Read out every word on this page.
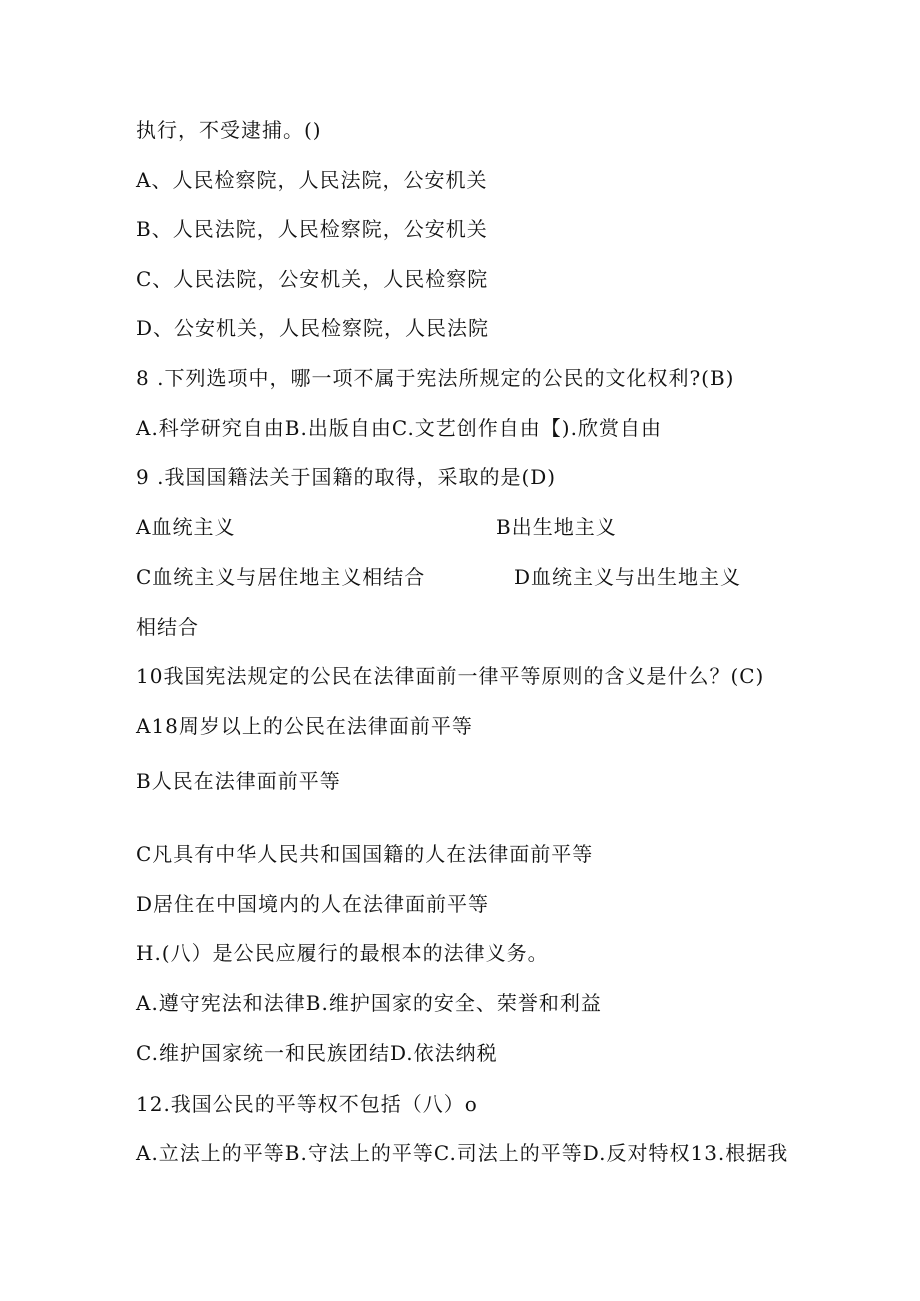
执行，不受逮捕。()
A、人民检察院，人民法院，公安机关
B、人民法院，人民检察院，公安机关
C、人民法院，公安机关，人民检察院
D、公安机关，人民检察院，人民法院
8 .下列选项中，哪一项不属于宪法所规定的公民的文化权利?(B)
A.科学研究自由B.出版自由C.文艺创作自由【).欣赏自由
9 .我国国籍法关于国籍的取得，采取的是(D)
A血统主义	B出生地主义
C血统主义与居住地主义相结合	D血统主义与出生地主义
相结合
10我国宪法规定的公民在法律面前一律平等原则的含义是什么？(C)
A18周岁以上的公民在法律面前平等
B人民在法律面前平等
C凡具有中华人民共和国国籍的人在法律面前平等
D居住在中国境内的人在法律面前平等
H.(八）是公民应履行的最根本的法律义务。
A.遵守宪法和法律B.维护国家的安全、荣誉和利益
C.维护国家统一和民族团结D.依法纳税
12.我国公民的平等权不包括（八）o
A.立法上的平等B.守法上的平等C.司法上的平等D.反对特权13.根据我
